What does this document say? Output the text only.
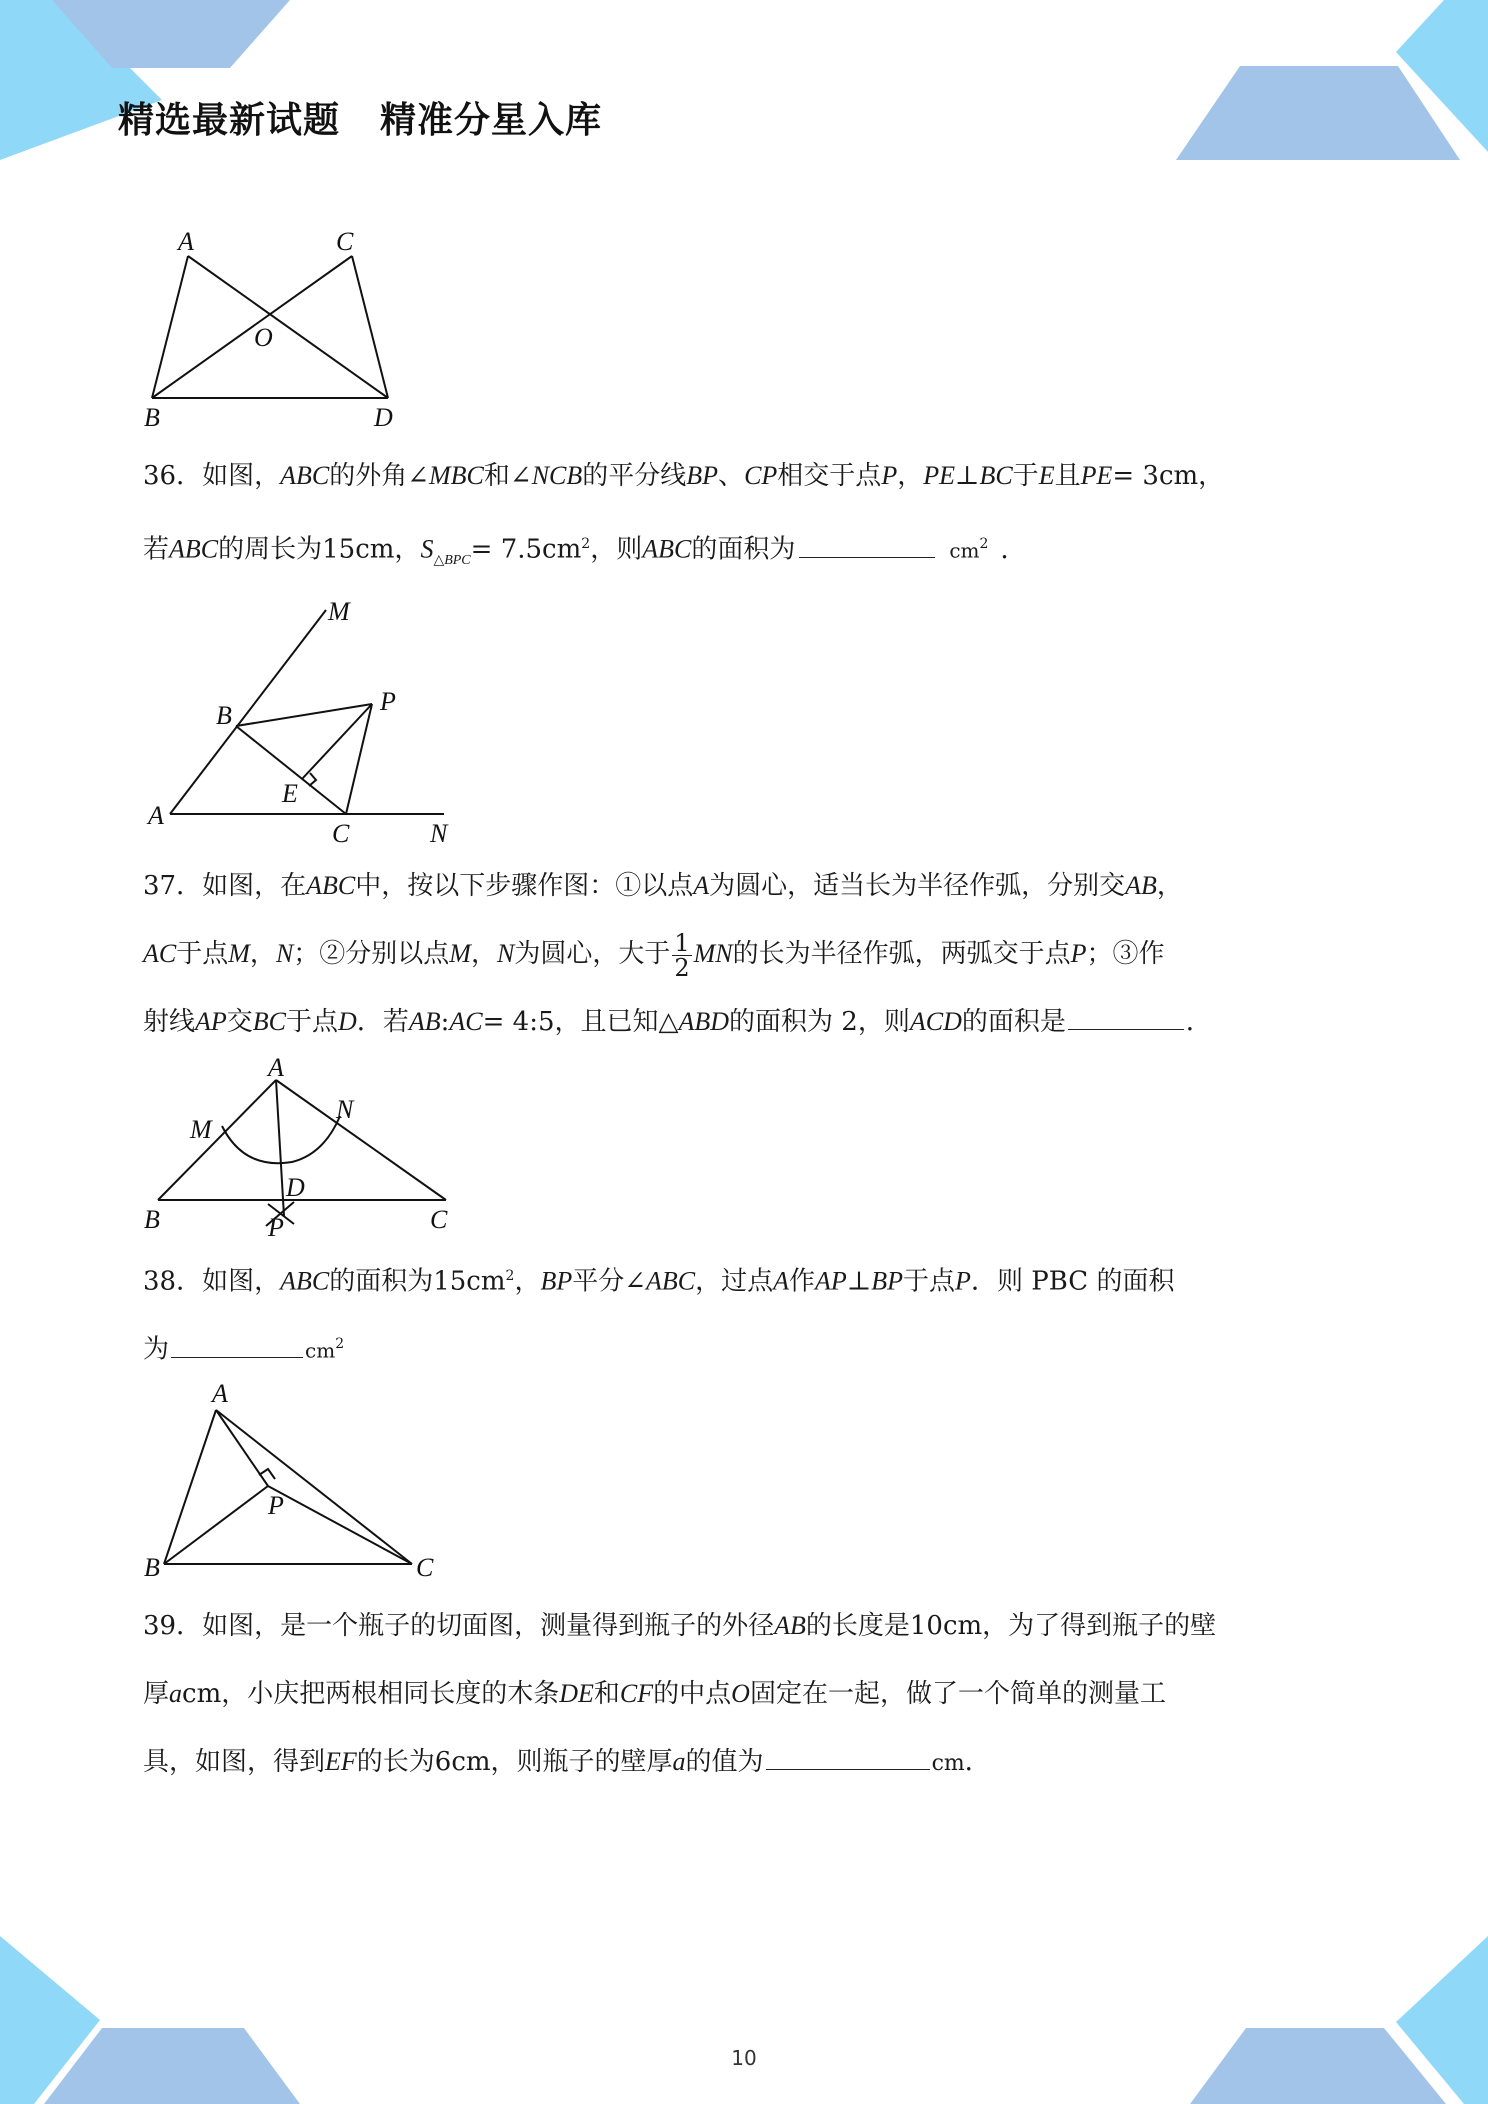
精选最新试题 精准分星入库
A	C
O
B	D
36．如图，ABC的外角∠MBC和∠NCB的平分线BP、CP相交于点P，PE⊥BC于E且PE= 3cm，
若ABC的周长为15cm，$S_{\triangle BPC}= 7.5cm^2$，则ABC的面积为	$cm^2$ ．
M
B	P
E
A
C	N
37．如图，在ABC中，按以下步骤作图：①以点A为圆心，适当长为半径作弧，分别交AB，
AC于点M，N；②分别以点M，N为圆心，大于 $\frac{1}{2}$ MN的长为半径作弧，两弧交于点P；③作
射线AP交BC于点D．若AB:AC= 4:5，且已知△ABD的面积为 2，则ACD的面积是	．
A
M
N
D
B	P	C
38．如图，ABC的面积为$15cm^2$，BP平分∠ABC，过点A作AP⊥BP于点P．则 PBC 的面积
为	$cm^2$
A
P
B	C
39．如图，是一个瓶子的切面图，测量得到瓶子的外径AB的长度是10cm，为了得到瓶子的壁
厚acm，小庆把两根相同长度的木条DE和CF的中点O固定在一起，做了一个简单的测量工
具，如图，得到EF的长为6cm，则瓶子的壁厚a的值为	cm．
10
